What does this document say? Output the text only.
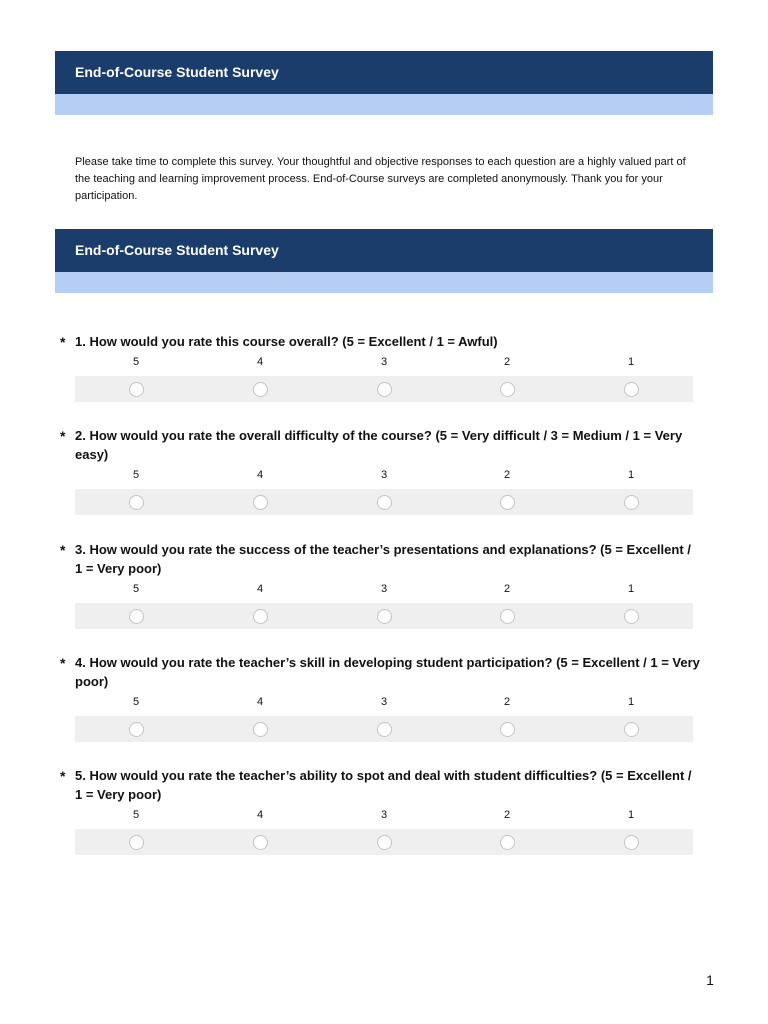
End-of-Course Student Survey

Please take time to complete this survey. Your thoughtful and objective responses to each question are a highly valued part of the teaching and learning improvement process. End-of-Course surveys are completed anonymously. Thank you for your participation.

End-of-Course Student Survey
* 1. How would you rate this course overall? (5 = Excellent / 1 = Awful)
5	4	3	2	1
* 2. How would you rate the overall difficulty of the course? (5 = Very difficult / 3 = Medium / 1 = Very easy)
5	4	3	2	1
* 3. How would you rate the success of the teacher’s presentations and explanations? (5 = Excellent / 1 = Very poor)
5	4	3	2	1
* 4. How would you rate the teacher’s skill in developing student participation? (5 = Excellent / 1 = Very poor)
5	4	3	2	1
* 5. How would you rate the teacher’s ability to spot and deal with student difficulties? (5 = Excellent / 1 = Very poor)
5	4	3	2	1
1
